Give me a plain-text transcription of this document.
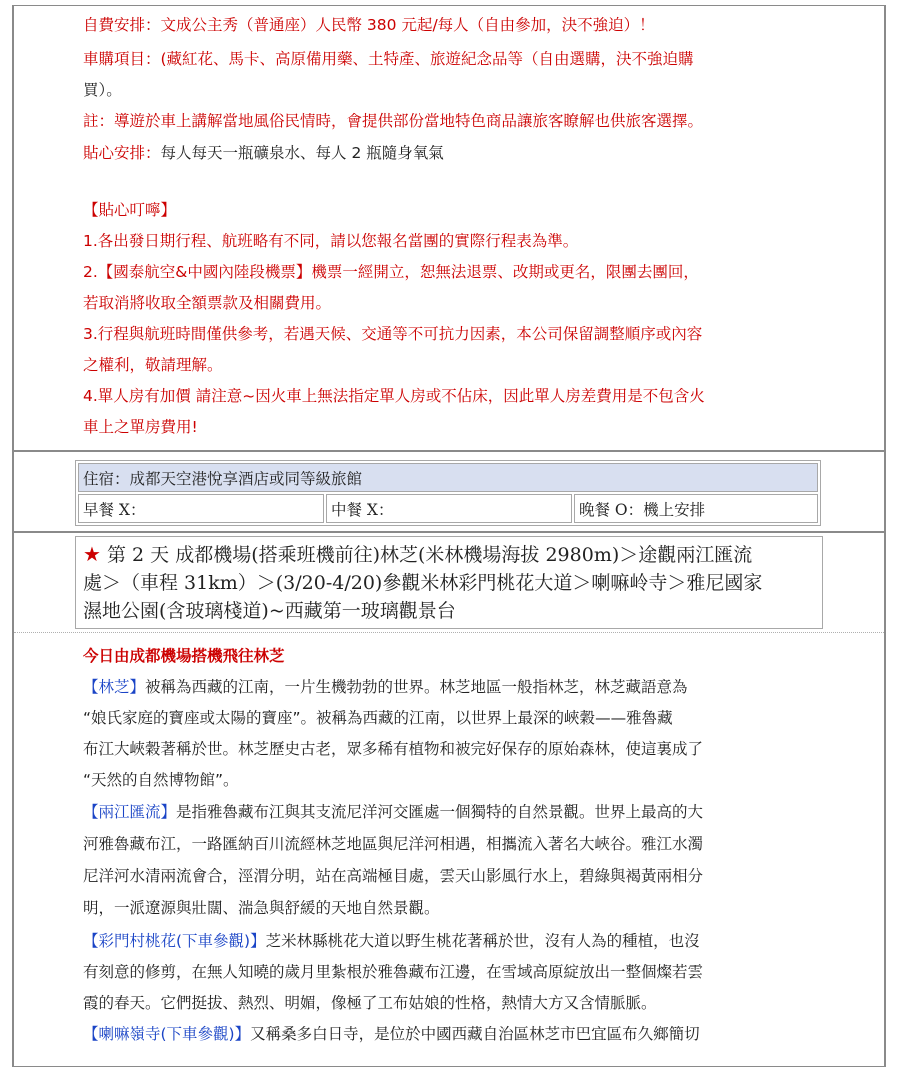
自費安排：文成公主秀（普通座）人民幣 380 元起/每人（自由參加，決不強迫）！
車購項目：(藏紅花、馬卡、高原備用藥、土特產、旅遊紀念品等（自由選購，決不強迫購
買）。
註：導遊於車上講解當地風俗民情時，會提供部份當地特色商品讓旅客瞭解也供旅客選擇。
貼心安排：每人每天一瓶礦泉水、每人 2 瓶隨身氧氣
【貼心叮嚀】
1.各出發日期行程、航班略有不同，請以您報名當團的實際行程表為準。
2.【國泰航空&中國內陸段機票】機票一經開立，恕無法退票、改期或更名，限團去團回，
若取消將收取全額票款及相關費用。
3.行程與航班時間僅供參考，若遇天候、交通等不可抗力因素，本公司保留調整順序或內容
之權利，敬請理解。
4.單人房有加價 請注意~因火車上無法指定單人房或不佔床，因此單人房差費用是不包含火
車上之單房費用!
住宿：成都天空港悅享酒店或同等級旅館
早餐 X：	中餐 X：	晚餐 O：機上安排
★ 第 2 天 成都機場(搭乘班機前往)林芝(米林機場海拔 2980m)＞途觀兩江匯流
處＞（車程 31km）＞(3/20-4/20)參觀米林彩門桃花大道＞喇嘛岭寺＞雅尼國家
濕地公園(含玻璃棧道)~西藏第一玻璃觀景台
今日由成都機場搭機飛往林芝
【林芝】被稱為西藏的江南，一片生機勃勃的世界。林芝地區一般指林芝，林芝藏語意為
“娘氏家庭的寶座或太陽的寶座”。被稱為西藏的江南，以世界上最深的峽穀——雅魯藏
布江大峽穀著稱於世。林芝歷史古老，眾多稀有植物和被完好保存的原始森林，使這裏成了
“天然的自然博物館”。
【兩江匯流】是指雅魯藏布江與其支流尼洋河交匯處一個獨特的自然景觀。世界上最高的大
河雅魯藏布江，一路匯納百川流經林芝地區與尼洋河相遇，相攜流入著名大峽谷。雅江水濁
尼洋河水清兩流會合，涇渭分明，站在高端極目處，雲天山影風行水上，碧綠與褐黃兩相分
明，一派遼源與壯闊、湍急與舒緩的天地自然景觀。
【彩門村桃花(下車參觀)】芝米林縣桃花大道以野生桃花著稱於世，沒有人為的種植，也沒
有刻意的修剪，在無人知曉的歲月里紮根於雅魯藏布江邊，在雪域高原綻放出一整個燦若雲
霞的春天。它們挺拔、熱烈、明媚，像極了工布姑娘的性格，熱情大方又含情脈脈。
【喇嘛嶺寺(下車參觀)】又稱桑多白日寺，是位於中國西藏自治區林芝市巴宜區布久鄉簡切
